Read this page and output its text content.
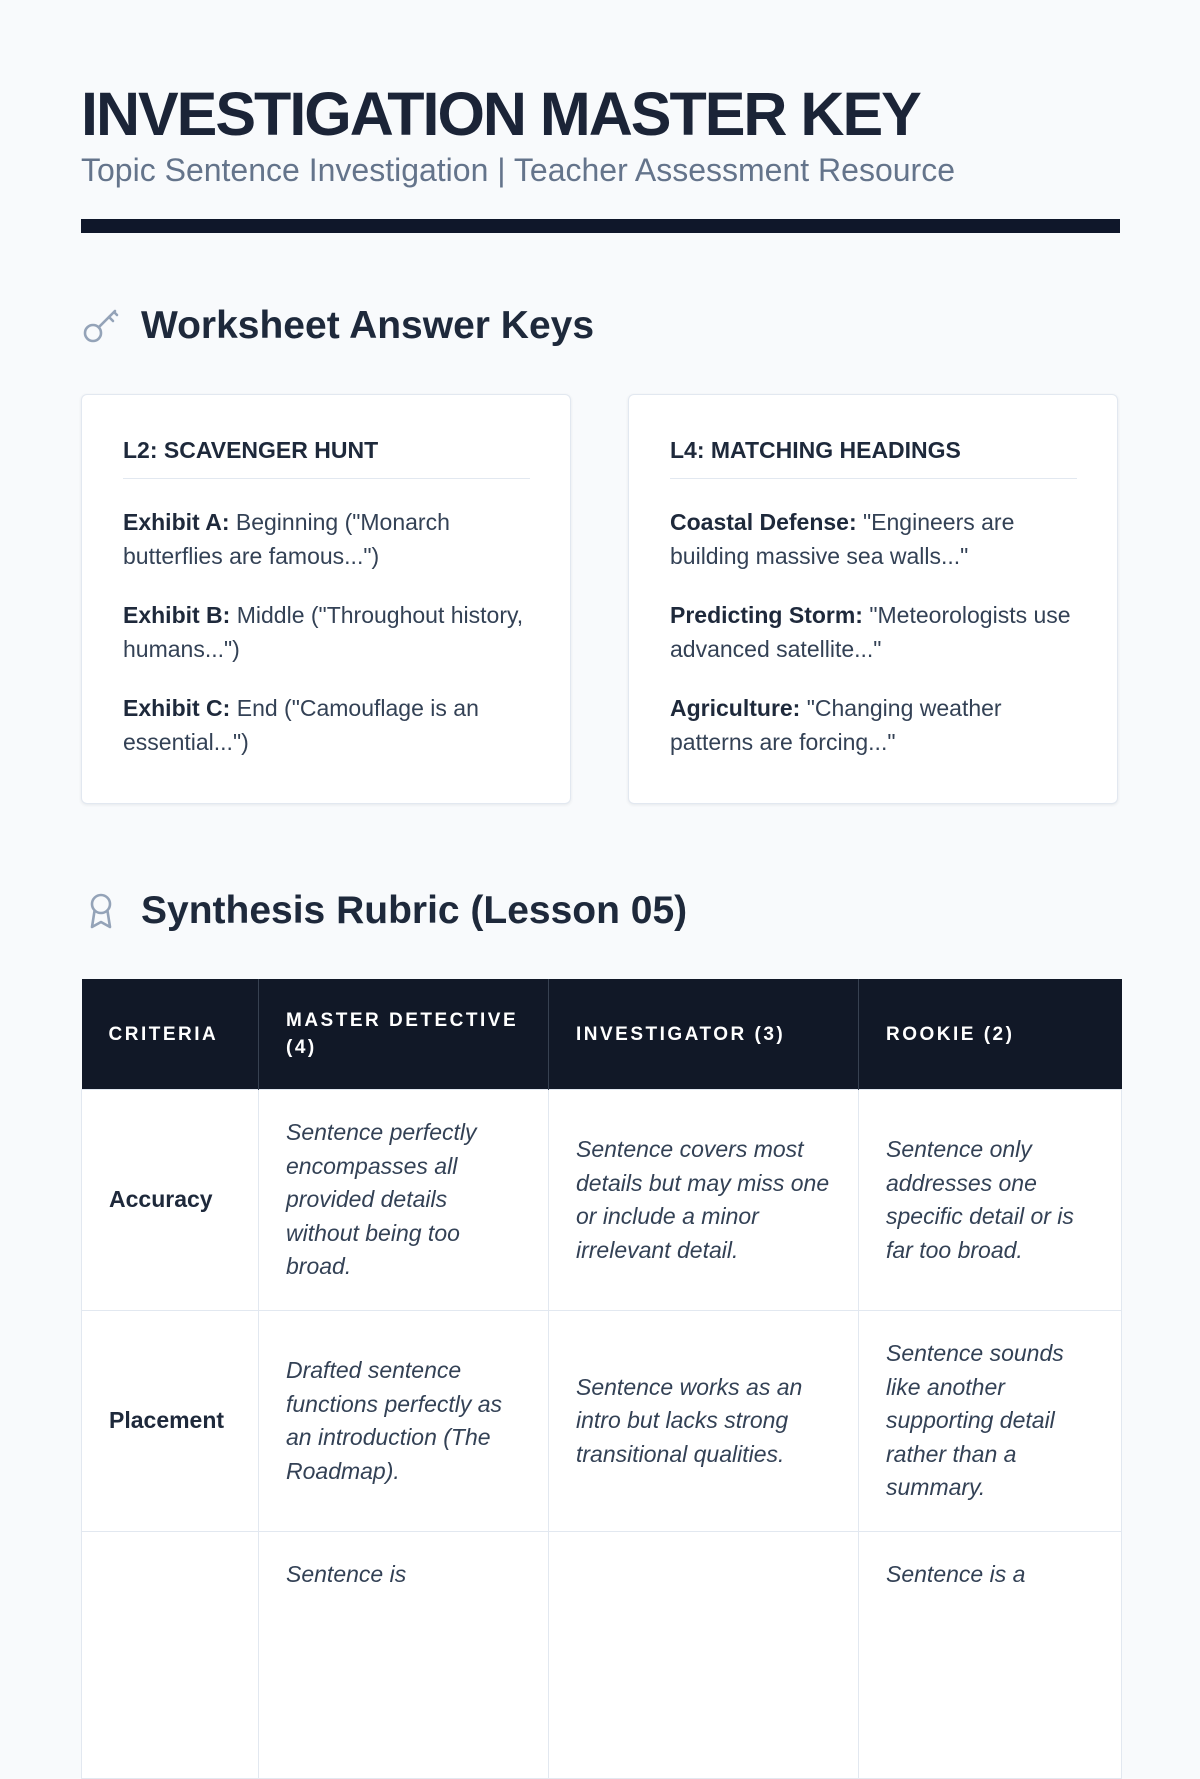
INVESTIGATION MASTER KEY
Topic Sentence Investigation | Teacher Assessment Resource
Worksheet Answer Keys
L2: SCAVENGER HUNT
Exhibit A: Beginning ("Monarch butterflies are famous...")
Exhibit B: Middle ("Throughout history, humans...")
Exhibit C: End ("Camouflage is an essential...")
L4: MATCHING HEADINGS
Coastal Defense: "Engineers are building massive sea walls..."
Predicting Storm: "Meteorologists use advanced satellite..."
Agriculture: "Changing weather patterns are forcing..."
Synthesis Rubric (Lesson 05)
CRITERIA	MASTER DETECTIVE (4)	INVESTIGATOR (3)	ROOKIE (2)
Accuracy	Sentence perfectly encompasses all provided details without being too broad.	Sentence covers most details but may miss one or include a minor irrelevant detail.	Sentence only addresses one specific detail or is far too broad.
Placement	Drafted sentence functions perfectly as an introduction (The Roadmap).	Sentence works as an intro but lacks strong transitional qualities.	Sentence sounds like another supporting detail rather than a summary.
	Sentence is		Sentence is a
